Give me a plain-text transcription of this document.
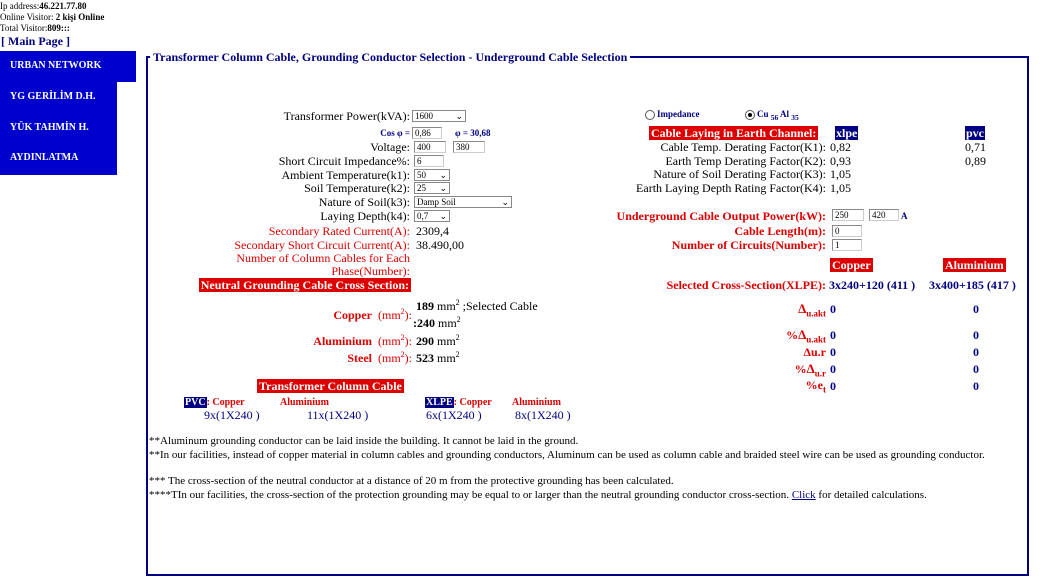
Ip address:46.221.77.80
Online Visitor: 2 kişi Online
Total Visitor:809:::
[ Main Page ]
URBAN NETWORK
YG GERİLİM D.H.
YÜK TAHMİN H.
AYDINLATMA
Transformer Column Cable, Grounding Conductor Selection - Underground Cable Selection
Transformer Power(kVA): 1600 ⌄
Cos φ = 0,86	φ = 30,68
Voltage: 400	380
Short Circuit Impedance%: 6
Ambient Temperature(k1): 50 ⌄
Soil Temperature(k2): 25 ⌄
Nature of Soil(k3): Damp Soil	⌄
Laying Depth(k4): 0,7 ⌄
Secondary Rated Current(A): 2309,4
Secondary Short Circuit Current(A): 38.490,00
Number of Column Cables for Each Phase(Number):
Neutral Grounding Cable Cross Section:
Copper $(mm^2)$:
189 $mm^2$ ;Selected Cable
:240 $mm^2$
Aluminium $(mm^2)$: 290 $mm^2$
Steel $(mm^2)$: 523 $mm^2$
Transformer Column Cable
PVC: Copper	Aluminium
9x(1X240 )	11x(1X240 )
XLPE: Copper Aluminium
6x(1X240 )	8x(1X240 )
Impedance	Cu $_{56}$ Al $_{35}$
Cable Laying in Earth Channel: xlpe	pvc
Cable Temp. Derating Factor(K1): 0,82	0,71
Earth Temp Derating Factor(K2): 0,93	0,89
Nature of Soil Derating Factor(K3): 1,05
Earth Laying Depth Rating Factor(K4): 1,05
Underground Cable Output Power(kW):	250	420	A
Cable Length(m):	0
Number of Circuits(Number):	1
Copper	Aluminium
Selected Cross-Section(XLPE): 3x240+120 (411 ) 3x400+185 (417 )
$\Delta_{u.akt}$ 0	0
$\%\Delta_{u.akt}$ 0	0
Δu.r 0	0
$\%\Delta_{u.r}$ 0	0
$\%e_t$ 0	0
**Aluminum grounding conductor can be laid inside the building. It cannot be laid in the ground.
**In our facilities, instead of copper material in column cables and grounding conductors, Aluminum can be used as column cable and braided steel wire can be used as grounding conductor.
*** The cross-section of the neutral conductor at a distance of 20 m from the protective grounding has been calculated.
****TIn our facilities, the cross-section of the protection grounding may be equal to or larger than the neutral grounding conductor cross-section. Click for detailed calculations.
